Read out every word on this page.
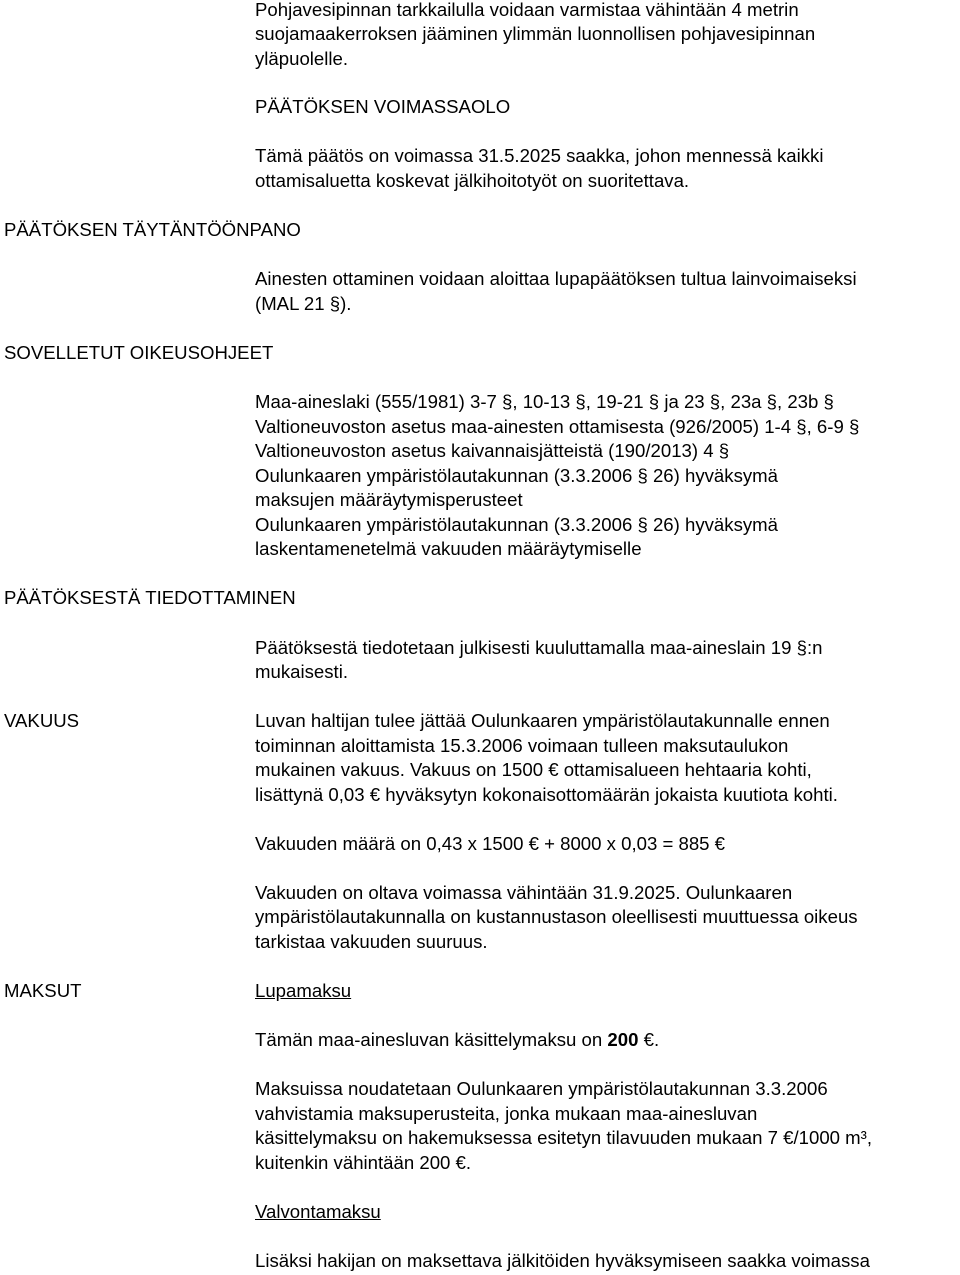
Pohjavesipinnan tarkkailulla voidaan varmistaa vähintään 4 metrin

suojamaakerroksen jääminen ylimmän luonnollisen pohjavesipinnan

yläpuolelle.

PÄÄTÖKSEN VOIMASSAOLO

Tämä päätös on voimassa 31.5.2025 saakka, johon mennessä kaikki

ottamisaluetta koskevat jälkihoitotyöt on suoritettava.

PÄÄTÖKSEN TÄYTÄNTÖÖNPANO

Ainesten ottaminen voidaan aloittaa lupapäätöksen tultua lainvoimaiseksi

(MAL 21 §).

SOVELLETUT OIKEUSOHJEET

Maa-aineslaki (555/1981) 3-7 §, 10-13 §, 19-21 § ja 23 §, 23a §, 23b §

Valtioneuvoston asetus maa-ainesten ottamisesta (926/2005) 1-4 §, 6-9 §

Valtioneuvoston asetus kaivannaisjätteistä (190/2013) 4 §

Oulunkaaren ympäristölautakunnan (3.3.2006 § 26) hyväksymä

maksujen määräytymisperusteet

Oulunkaaren ympäristölautakunnan (3.3.2006 § 26) hyväksymä

laskentamenetelmä vakuuden määräytymiselle

PÄÄTÖKSESTÄ TIEDOTTAMINEN

Päätöksestä tiedotetaan julkisesti kuuluttamalla maa-aineslain 19 §:n

mukaisesti.

VAKUUS	Luvan haltijan tulee jättää Oulunkaaren ympäristölautakunnalle ennen

toiminnan aloittamista 15.3.2006 voimaan tulleen maksutaulukon

mukainen vakuus. Vakuus on 1500 € ottamisalueen hehtaaria kohti,

lisättynä 0,03 € hyväksytyn kokonaisottomäärän jokaista kuutiota kohti.

Vakuuden määrä on 0,43 x 1500 € + 8000 x 0,03 = 885 €

Vakuuden on oltava voimassa vähintään 31.9.2025. Oulunkaaren

ympäristölautakunnalla on kustannustason oleellisesti muuttuessa oikeus

tarkistaa vakuuden suuruus.

MAKSUT	Lupamaksu

Tämän maa-ainesluvan käsittelymaksu on 200 €.

Maksuissa noudatetaan Oulunkaaren ympäristölautakunnan 3.3.2006

vahvistamia maksuperusteita, jonka mukaan maa-ainesluvan

käsittelymaksu on hakemuksessa esitetyn tilavuuden mukaan 7 €/1000 m³,

kuitenkin vähintään 200 €.

Valvontamaksu

Lisäksi hakijan on maksettava jälkitöiden hyväksymiseen saakka voimassa
